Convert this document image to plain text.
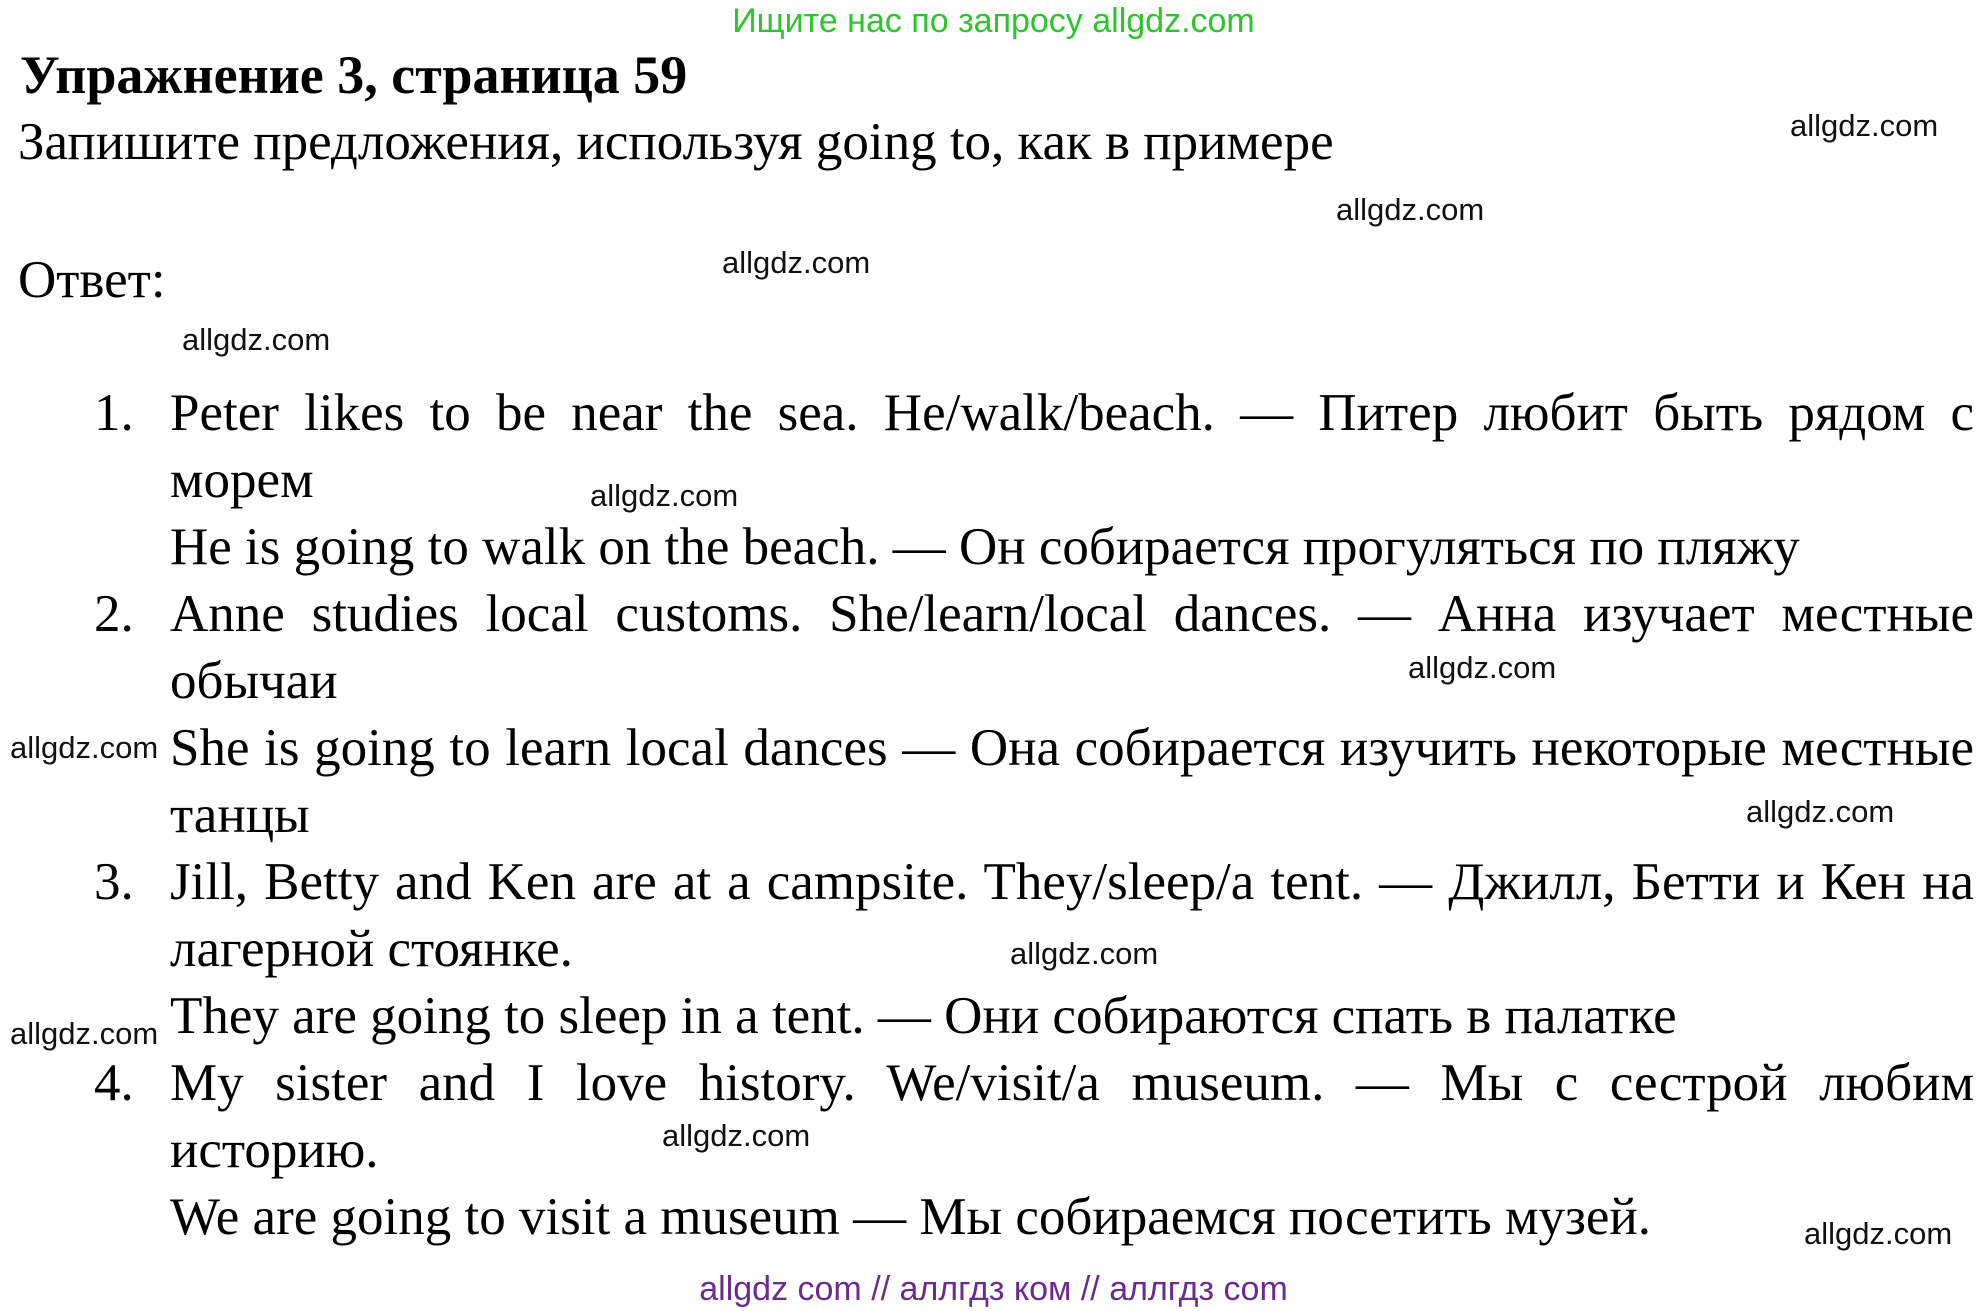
Ищите нас по запросу allgdz.com
Упражнение 3, страница 59
Запишите предложения, используя going to, как в примере
Ответ:
1. Peter likes to be near the sea. He/walk/beach. — Питер любит быть рядом с морем
He is going to walk on the beach. — Он собирается прогуляться по пляжу
2. Anne studies local customs. She/learn/local dances. — Анна изучает местные обычаи
She is going to learn local dances — Она собирается изучить некоторые местные танцы
3. Jill, Betty and Ken are at a campsite. They/sleep/a tent. — Джилл, Бетти и Кен на лагерной стоянке.
They are going to sleep in a tent. — Они собираются спать в палатке
4. My sister and I love history. We/visit/a museum. — Мы с сестрой любим историю.
We are going to visit a museum — Мы собираемся посетить музей.
allgdz.com
allgdz.com
allgdz.com
allgdz.com
allgdz.com
allgdz.com
allgdz.com
allgdz.com
allgdz.com
allgdz.com
allgdz.com
allgdz.com
allgdz com // аллгдз ком // аллгдз com
